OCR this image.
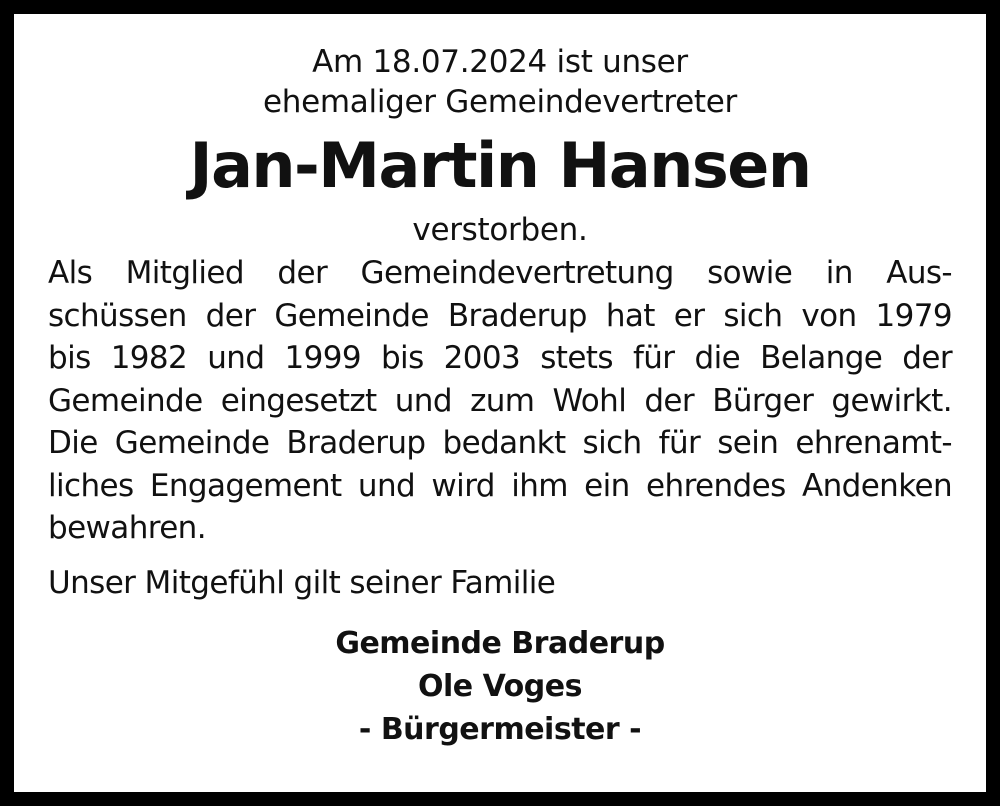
Am 18.07.2024 ist unser
ehemaliger Gemeindevertreter
Jan-Martin Hansen
verstorben.
Als Mitglied der Gemeindevertretung sowie in Aus-
schüssen der Gemeinde Braderup hat er sich von 1979
bis 1982 und 1999 bis 2003 stets für die Belange der
Gemeinde eingesetzt und zum Wohl der Bürger gewirkt.
Die Gemeinde Braderup bedankt sich für sein ehrenamt-
liches Engagement und wird ihm ein ehrendes Andenken
bewahren.
Unser Mitgefühl gilt seiner Familie
Gemeinde Braderup
Ole Voges
- Bürgermeister -
